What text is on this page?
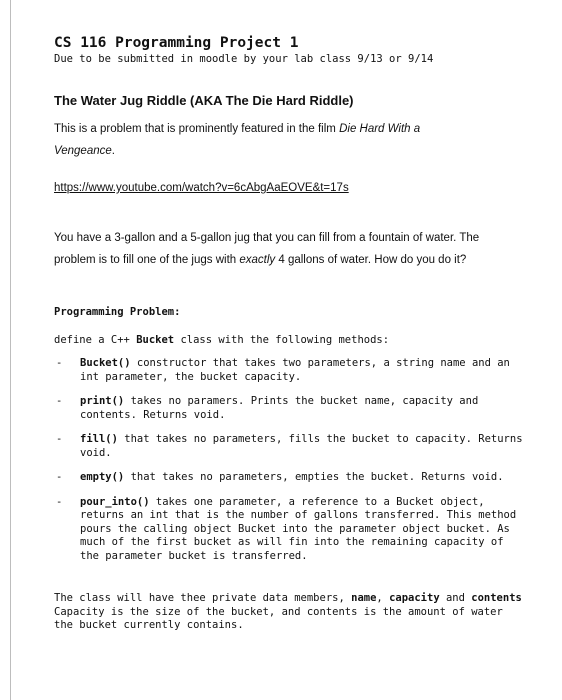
CS 116 Programming Project 1
Due to be submitted in moodle by your lab class 9/13 or 9/14
The Water Jug Riddle (AKA The Die Hard Riddle)

This is a problem that is prominently featured in the film Die Hard With a Vengeance.

https://www.youtube.com/watch?v=6cAbgAaEOVE&t=17s

You have a 3-gallon and a 5-gallon jug that you can fill from a fountain of water. The problem is to fill one of the jugs with exactly 4 gallons of water. How do you do it?

Programming Problem:
define a C++ Bucket class with the following methods:
- Bucket() constructor that takes two parameters, a string name and an int parameter, the bucket capacity.
- print() takes no paramers. Prints the bucket name, capacity and contents. Returns void.
- fill() that takes no parameters, fills the bucket to capacity. Returns void.
- empty() that takes no parameters, empties the bucket. Returns void.
- pour_into() takes one parameter, a reference to a Bucket object, returns an int that is the number of gallons transferred. This method pours the calling object Bucket into the parameter object bucket. As much of the first bucket as will fin into the remaining capacity of the parameter bucket is transferred.

The class will have thee private data members, name, capacity and contents Capacity is the size of the bucket, and contents is the amount of water the bucket currently contains.
